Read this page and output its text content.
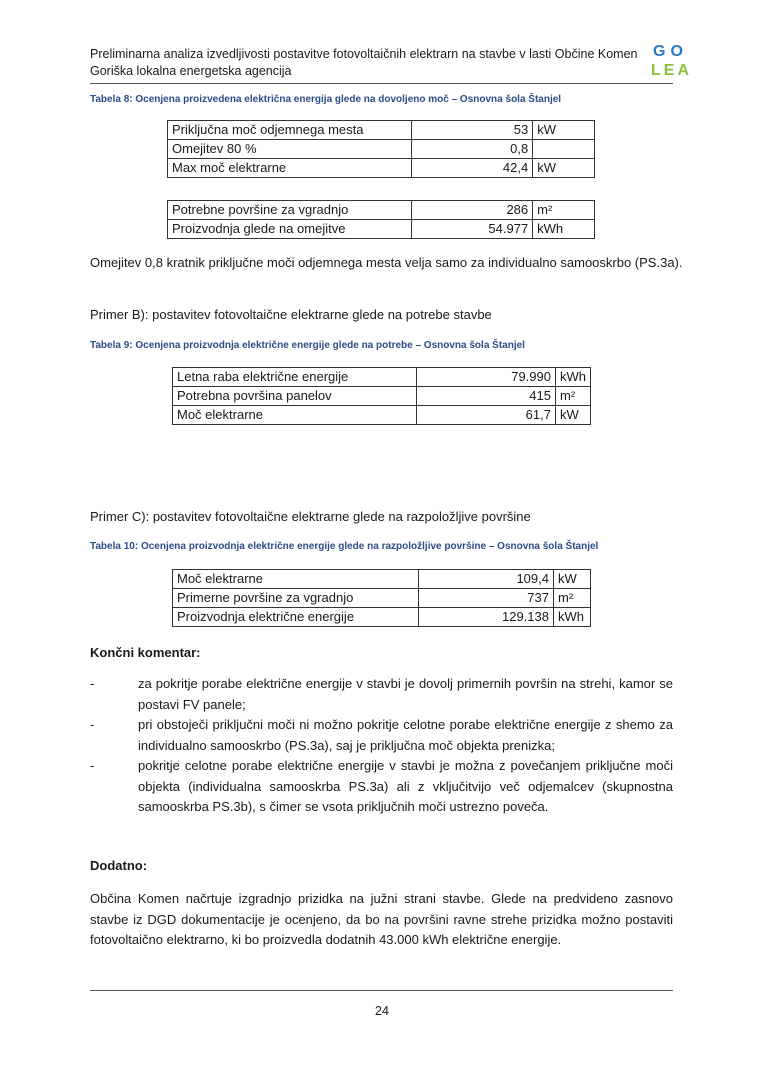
Preliminarna analiza izvedljivosti postavitve fotovoltaičnih elektrarn na stavbe v lasti Občine Komen
Goriška lokalna energetska agencija
GO
LEA
Tabela 8: Ocenjena proizvedena električna energija glede na dovoljeno moč – Osnovna šola Štanjel
Priključna moč odjemnega mesta	53	kW
Omejitev 80 %	0,8	
Max moč elektrarne	42,4	kW
Potrebne površine za vgradnjo	286	m²
Proizvodnja glede na omejitve	54.977	kWh
Omejitev 0,8 kratnik priključne moči odjemnega mesta velja samo za individualno samooskrbo (PS.3a).
Primer B): postavitev fotovoltaične elektrarne glede na potrebe stavbe
Tabela 9: Ocenjena proizvodnja električne energije glede na potrebe – Osnovna šola Štanjel
Letna raba električne energije	79.990	kWh
Potrebna površina panelov	415	m²
Moč elektrarne	61,7	kW
Primer C): postavitev fotovoltaične elektrarne glede na razpoložljive površine
Tabela 10: Ocenjena proizvodnja električne energije glede na razpoložljive površine – Osnovna šola Štanjel
Moč elektrarne	109,4	kW
Primerne površine za vgradnjo	737	m²
Proizvodnja električne energije	129.138	kWh
Končni komentar:
-	za pokritje porabe električne energije v stavbi je dovolj primernih površin na strehi, kamor se postavi FV panele;
-	pri obstoječi priključni moči ni možno pokritje celotne porabe električne energije z shemo za individualno samooskrbo (PS.3a), saj je priključna moč objekta prenizka;
-	pokritje celotne porabe električne energije v stavbi je možna z povečanjem priključne moči objekta (individualna samooskrba PS.3a) ali z vključitvijo več odjemalcev (skupnostna samooskrba PS.3b), s čimer se vsota priključnih moči ustrezno poveča.
Dodatno:
Občina Komen načrtuje izgradnjo prizidka na južni strani stavbe. Glede na predvideno zasnovo stavbe iz DGD dokumentacije je ocenjeno, da bo na površini ravne strehe prizidka možno postaviti fotovoltaično elektrarno, ki bo proizvedla dodatnih 43.000 kWh električne energije.
24
